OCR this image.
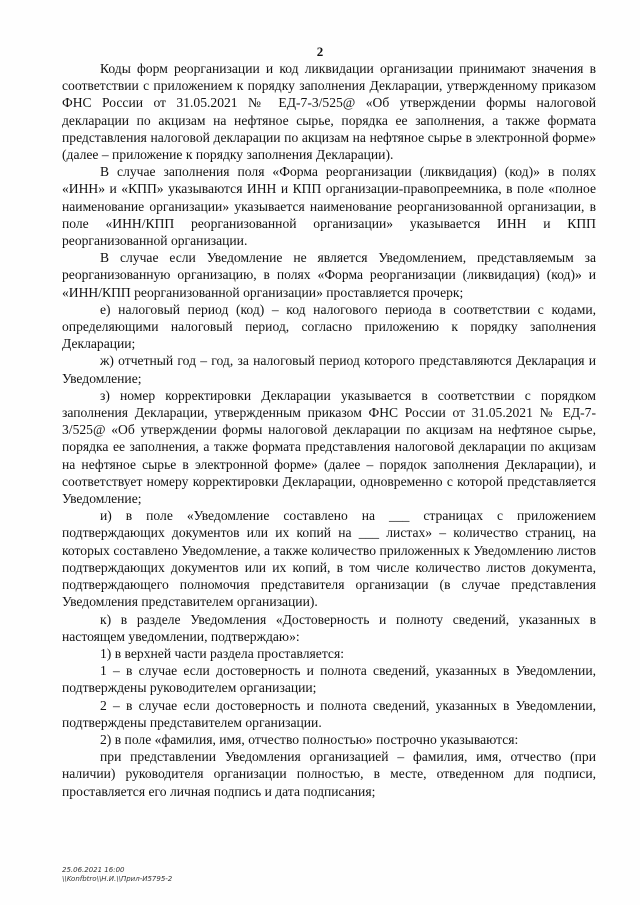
2

Коды форм реорганизации и код ликвидации организации принимают значения в соответствии с приложением к порядку заполнения Декларации, утвержденному приказом ФНС России от 31.05.2021 № ЕД-7-3/525@ «Об утверждении формы налоговой декларации по акцизам на нефтяное сырье, порядка ее заполнения, а также формата представления налоговой декларации по акцизам на нефтяное сырье в электронной форме» (далее – приложение к порядку заполнения Декларации).

В случае заполнения поля «Форма реорганизации (ликвидация) (код)» в полях «ИНН» и «КПП» указываются ИНН и КПП организации-правопреемника, в поле «полное наименование организации» указывается наименование реорганизованной организации, в поле «ИНН/КПП реорганизованной организации» указывается ИНН и КПП реорганизованной организации.

В случае если Уведомление не является Уведомлением, представляемым за реорганизованную организацию, в полях «Форма реорганизации (ликвидация) (код)» и «ИНН/КПП реорганизованной организации» проставляется прочерк;

е) налоговый период (код) – код налогового периода в соответствии с кодами, определяющими налоговый период, согласно приложению к порядку заполнения Декларации;

ж) отчетный год – год, за налоговый период которого представляются Декларация и Уведомление;

з) номер корректировки Декларации указывается в соответствии с порядком заполнения Декларации, утвержденным приказом ФНС России от 31.05.2021 № ЕД-7-3/525@ «Об утверждении формы налоговой декларации по акцизам на нефтяное сырье, порядка ее заполнения, а также формата представления налоговой декларации по акцизам на нефтяное сырье в электронной форме» (далее – порядок заполнения Декларации), и соответствует номеру корректировки Декларации, одновременно с которой представляется Уведомление;

и) в поле «Уведомление составлено на ___ страницах с приложением подтверждающих документов или их копий на ___ листах» – количество страниц, на которых составлено Уведомление, а также количество приложенных к Уведомлению листов подтверждающих документов или их копий, в том числе количество листов документа, подтверждающего полномочия представителя организации (в случае представления Уведомления представителем организации).

к) в разделе Уведомления «Достоверность и полноту сведений, указанных в настоящем уведомлении, подтверждаю»:

1) в верхней части раздела проставляется:

1 – в случае если достоверность и полнота сведений, указанных в Уведомлении, подтверждены руководителем организации;

2 – в случае если достоверность и полнота сведений, указанных в Уведомлении, подтверждены представителем организации.

2) в поле «фамилия, имя, отчество полностью» построчно указываются:

при представлении Уведомления организацией – фамилия, имя, отчество (при наличии) руководителя организации полностью, в месте, отведенном для подписи, проставляется его личная подпись и дата подписания;

25.06.2021 16:00
\\Konfbtro\\Н.И.\\Прил-И5795-2
